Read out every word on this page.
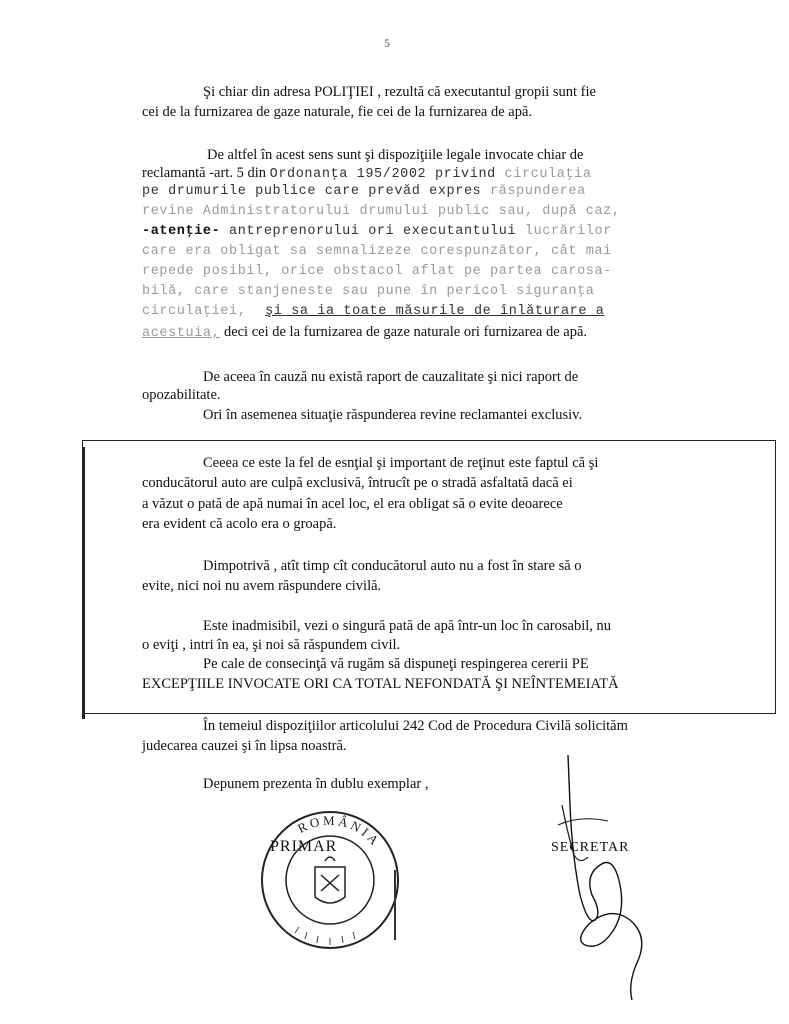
5
Şi chiar din adresa POLIŢIEI , rezultă că executantul gropii sunt fie
cei de la furnizarea de gaze naturale, fie cei de la furnizarea de apă.
De altfel în acest sens sunt şi dispoziţiile legale invocate chiar de
reclamantă -art. 5 din Ordonanţa 195/2002 privind circulaţia
pe drumurile publice care prevăd expres răspunderea
revine Administratorului drumului public sau, după caz,
-atenţie- antreprenorului ori executantului lucrărilor
care era obligat sa semnalizeze corespunzător, cât mai
repede posibil, orice obstacol aflat pe partea carosa-
bilă, care stanjeneste sau pune în pericol siguranţa
circulaţiei, şi sa ia toate măsurile de înlăturare a
acestuia, deci cei de la furnizarea de gaze naturale ori furnizarea de apă.
De aceea în cauză nu există raport de cauzalitate şi nici raport de
opozabilitate.
Ori în asemenea situaţie răspunderea revine reclamantei exclusiv.
Ceeea ce este la fel de esnţial şi important de reţinut este faptul că şi
conducătorul auto are culpă exclusivă, întrucît pe o stradă asfaltată dacă ei
a văzut o pată de apă numai în acel loc, el era obligat să o evite deoarece
era evident că acolo era o groapă.
Dimpotrivă , atît timp cît conducătorul auto nu a fost în stare să o
evite, nici noi nu avem răspundere civilă.
Este inadmisibil, vezi o singură pată de apă într-un loc în carosabil, nu
o eviţi , intri în ea, şi noi să răspundem civil.
Pe cale de consecinţă vă rugăm să dispuneţi respingerea cererii PE
EXCEPŢIILE INVOCATE ORI CA TOTAL NEFONDATĂ ŞI NEÎNTEMEIATĂ
În temeiul dispoziţiilor articolului 242 Cod de Procedura Civilă solicităm
judecarea cauzei şi în lipsa noastră.
Depunem prezenta în dublu exemplar ,
ROMÂNIA
PRIMAR	SECRETAR
